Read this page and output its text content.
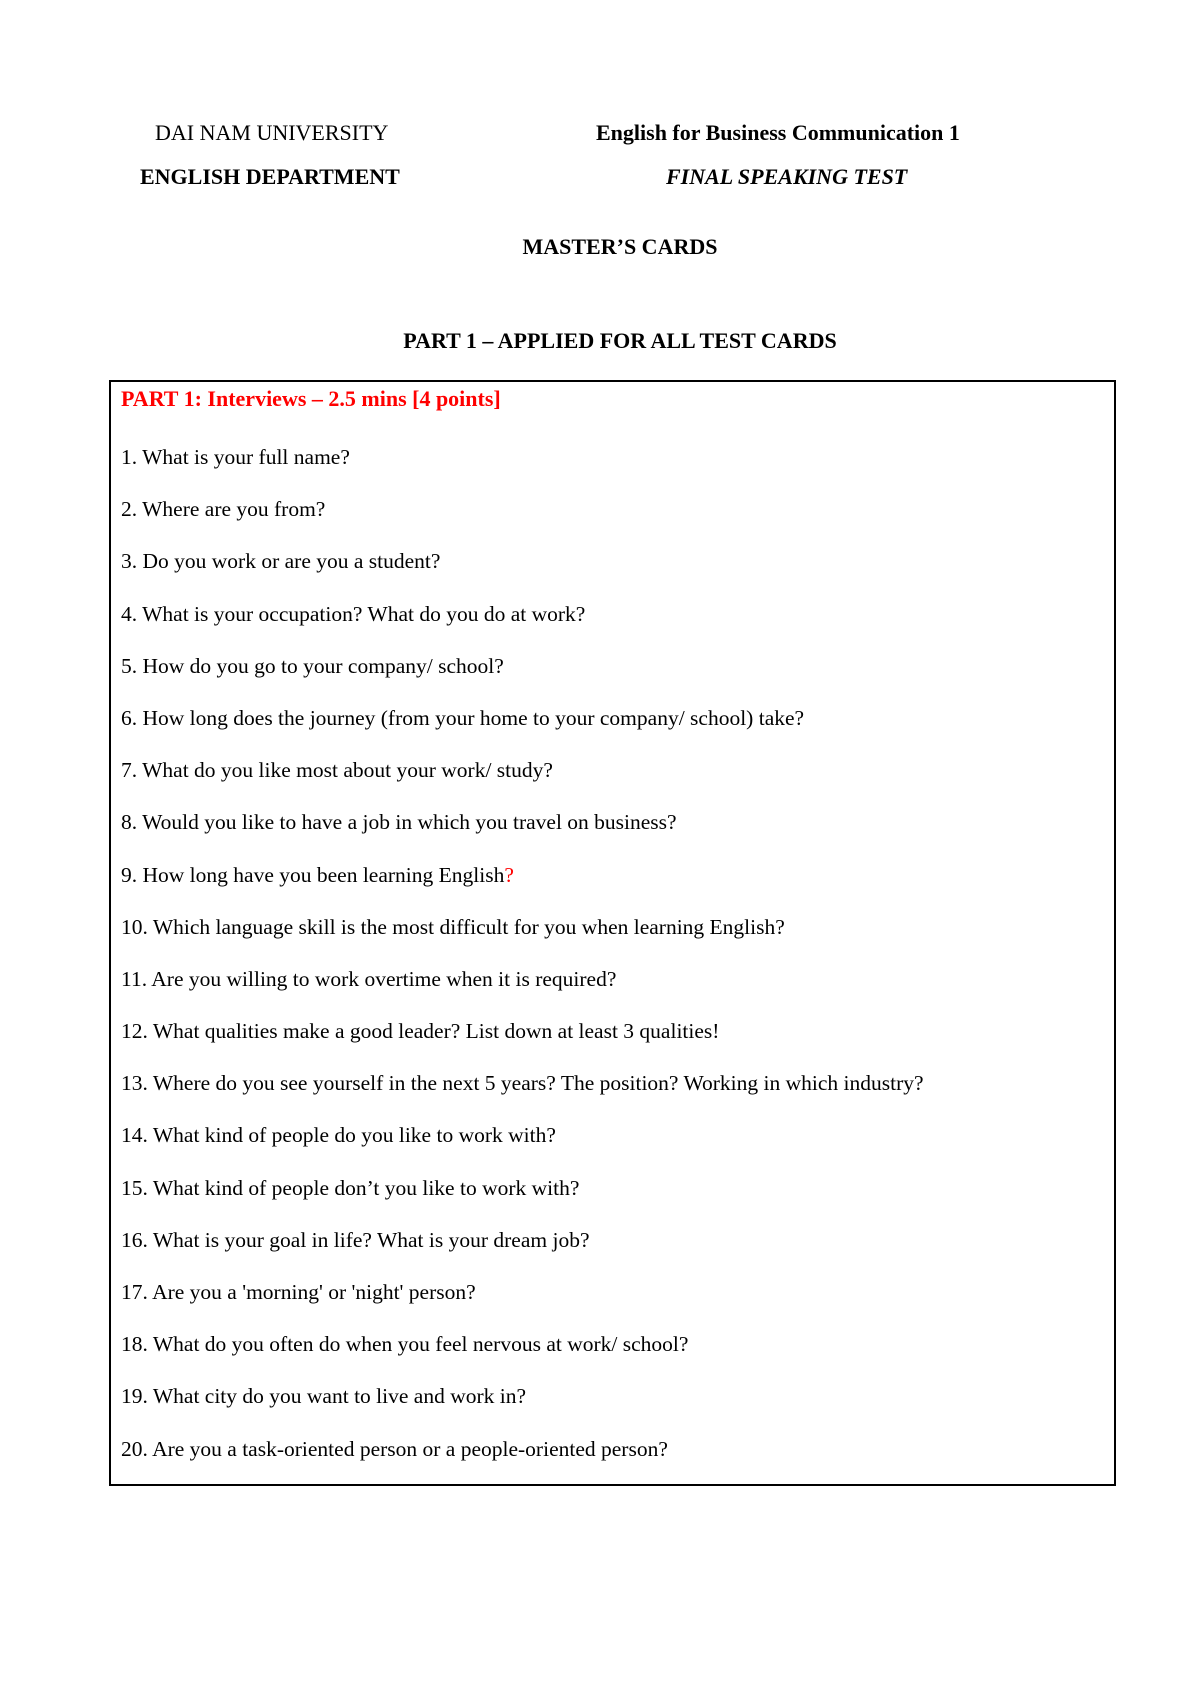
DAI NAM UNIVERSITY
ENGLISH DEPARTMENT
English for Business Communication 1
FINAL SPEAKING TEST
MASTER’S CARDS
PART 1 – APPLIED FOR ALL TEST CARDS
PART 1: Interviews – 2.5 mins [4 points]
1. What is your full name?
2. Where are you from?
3. Do you work or are you a student?
4. What is your occupation? What do you do at work?
5. How do you go to your company/ school?
6. How long does the journey (from your home to your company/ school) take?
7. What do you like most about your work/ study?
8. Would you like to have a job in which you travel on business?
9. How long have you been learning English?
10. Which language skill is the most difficult for you when learning English?
11. Are you willing to work overtime when it is required?
12. What qualities make a good leader? List down at least 3 qualities!
13. Where do you see yourself in the next 5 years? The position? Working in which industry?
14. What kind of people do you like to work with?
15. What kind of people don’t you like to work with?
16. What is your goal in life? What is your dream job?
17. Are you a 'morning' or 'night' person?
18. What do you often do when you feel nervous at work/ school?
19. What city do you want to live and work in?
20. Are you a task-oriented person or a people-oriented person?
